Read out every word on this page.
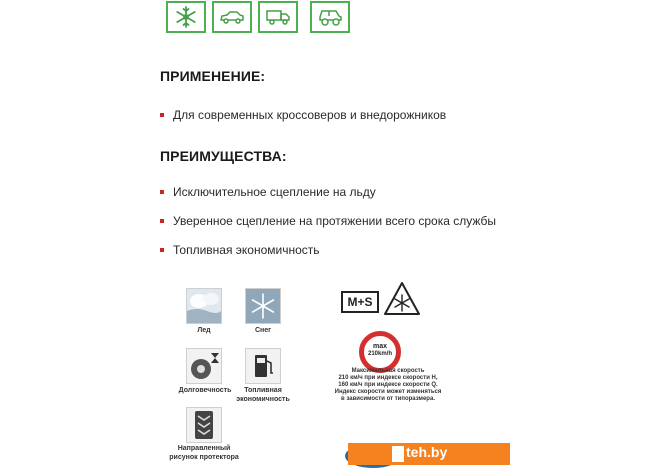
ПРИМЕНЕНИЕ:
Для современных кроссоверов и внедорожников
ПРЕИМУЩЕСТВА:
Исключительное сцепление на льду
Уверенное сцепление на протяжении всего срока службы
Топливная экономичность
Лед	Снег
Долговечность	Топливная
экономичность
Направленный
рисунок протектора
M+S
max
210km/h
Максимальная скорость
210 км/ч при индексе скорости H,
160 км/ч при индексе скорости Q.
Индекс скорости может изменяться
в зависимости от типоразмера.
teh.by
